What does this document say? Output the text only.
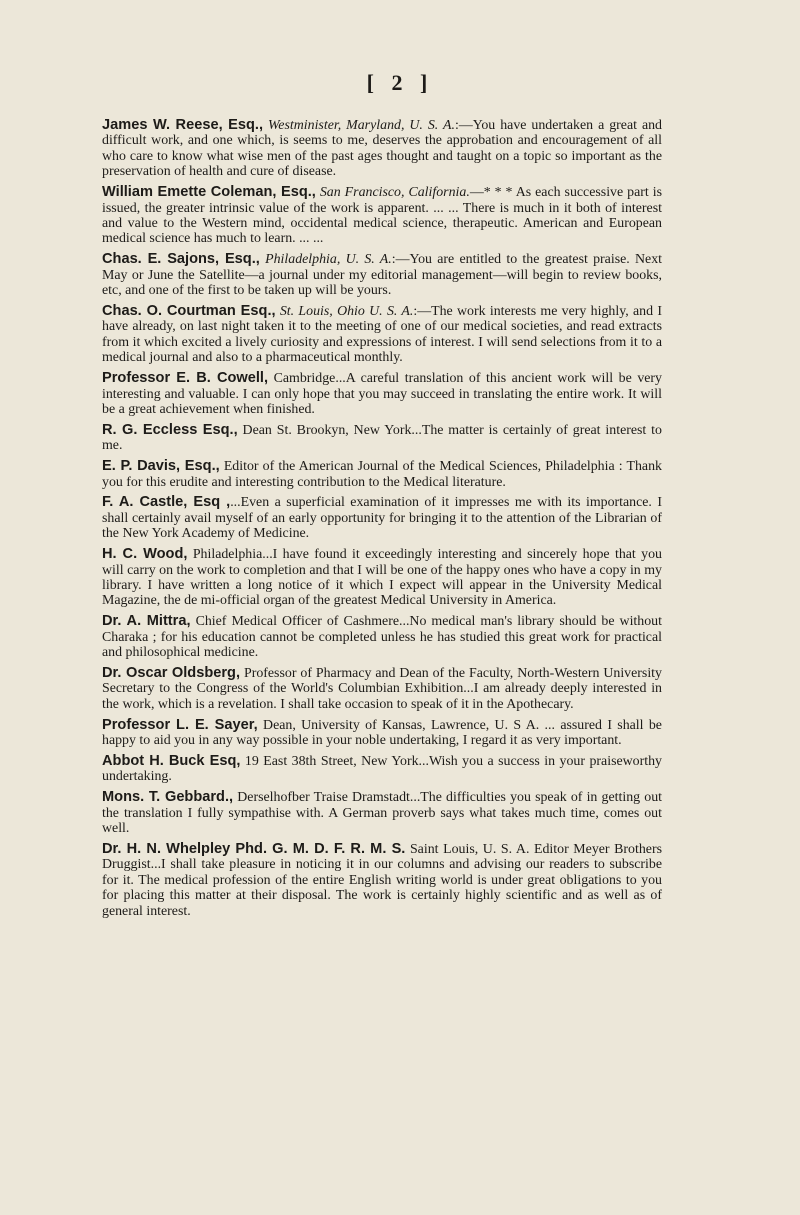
[ 2 ]

James W. Reese, Esq., Westminister, Maryland, U. S. A.:—You have undertaken a great and difficult work, and one which, is seems to me, deserves the approbation and encouragement of all who care to know what wise men of the past ages thought and taught on a topic so important as the preservation of health and cure of disease.

William Emette Coleman, Esq., San Francisco, California.—* * * As each successive part is issued, the greater intrinsic value of the work is apparent. ... ... There is much in it both of interest and value to the Western mind, occidental medical science, therapeutic. American and European medical science has much to learn. ... ...

Chas. E. Sajons, Esq., Philadelphia, U. S. A.:—You are entitled to the greatest praise. Next May or June the Satellite—a journal under my editorial management—will begin to review books, etc, and one of the first to be taken up will be yours.

Chas. O. Courtman Esq., St. Louis, Ohio U. S. A.:—The work interests me very highly, and I have already, on last night taken it to the meeting of one of our medical societies, and read extracts from it which excited a lively curiosity and expressions of interest. I will send selections from it to a medical journal and also to a pharmaceutical monthly.

Professor E. B. Cowell, Cambridge...A careful translation of this ancient work will be very interesting and valuable. I can only hope that you may succeed in translating the entire work. It will be a great achievement when finished.

R. G. Eccless Esq., Dean St. Brookyn, New York...The matter is certainly of great interest to me.

E. P. Davis, Esq., Editor of the American Journal of the Medical Sciences, Philadelphia : Thank you for this erudite and interesting contribution to the Medical literature.

F. A. Castle, Esq ,...Even a superficial examination of it impresses me with its importance. I shall certainly avail myself of an early opportunity for bringing it to the attention of the Librarian of the New York Academy of Medicine.

H. C. Wood, Philadelphia...I have found it exceedingly interesting and sincerely hope that you will carry on the work to completion and that I will be one of the happy ones who have a copy in my library. I have written a long notice of it which I expect will appear in the University Medical Magazine, the de mi-official organ of the greatest Medical University in America.

Dr. A. Mittra, Chief Medical Officer of Cashmere...No medical man's library should be without Charaka ; for his education cannot be completed unless he has studied this great work for practical and philosophical medicine.

Dr. Oscar Oldsberg, Professor of Pharmacy and Dean of the Faculty, North-Western University Secretary to the Congress of the World's Columbian Exhibition...I am already deeply interested in the work, which is a revelation. I shall take occasion to speak of it in the Apothecary.

Professor L. E. Sayer, Dean, University of Kansas, Lawrence, U. S A. ... assured I shall be happy to aid you in any way possible in your noble undertaking, I regard it as very important.

Abbot H. Buck Esq, 19 East 38th Street, New York...Wish you a success in your praiseworthy undertaking.

Mons. T. Gebbard., Derselhofber Traise Dramstadt...The difficulties you speak of in getting out the translation I fully sympathise with. A German proverb says what takes much time, comes out well.

Dr. H. N. Whelpley Phd. G. M. D. F. R. M. S. Saint Louis, U. S. A. Editor Meyer Brothers Druggist...I shall take pleasure in noticing it in our columns and advising our readers to subscribe for it. The medical profession of the entire English writing world is under great obligations to you for placing this matter at their disposal. The work is certainly highly scientific and as well as of general interest.
